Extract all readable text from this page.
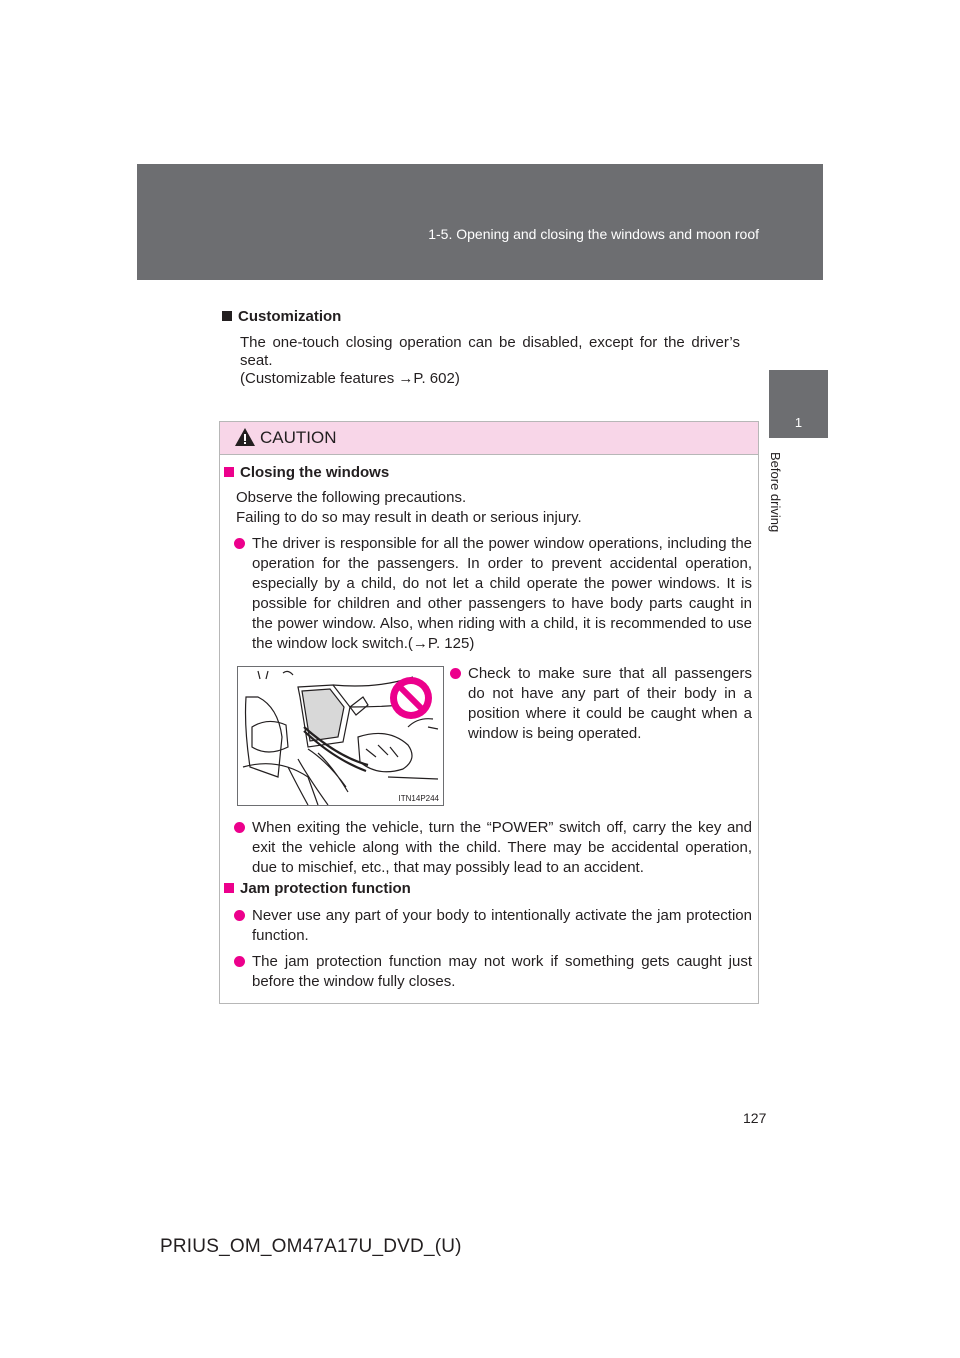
1-5. Opening and closing the windows and moon roof
1
Before driving
Customization

The one-touch closing operation can be disabled, except for the driver’s seat.

(Customizable features →P. 602)

CAUTION
Closing the windows
Observe the following precautions.
Failing to do so may result in death or serious injury.
The driver is responsible for all the power window operations, including the operation for the passengers. In order to prevent accidental operation, especially by a child, do not let a child operate the power windows. It is possible for children and other passengers to have body parts caught in the power window. Also, when riding with a child, it is recommended to use the window lock switch.(→P. 125)
ITN14P244
Check to make sure that all passengers do not have any part of their body in a position where it could be caught when a window is being operated.
When exiting the vehicle, turn the “POWER” switch off, carry the key and exit the vehicle along with the child. There may be accidental operation, due to mischief, etc., that may possibly lead to an accident.
Jam protection function
Never use any part of your body to intentionally activate the jam protection function.
The jam protection function may not work if something gets caught just before the window fully closes.
127
PRIUS_OM_OM47A17U_DVD_(U)
